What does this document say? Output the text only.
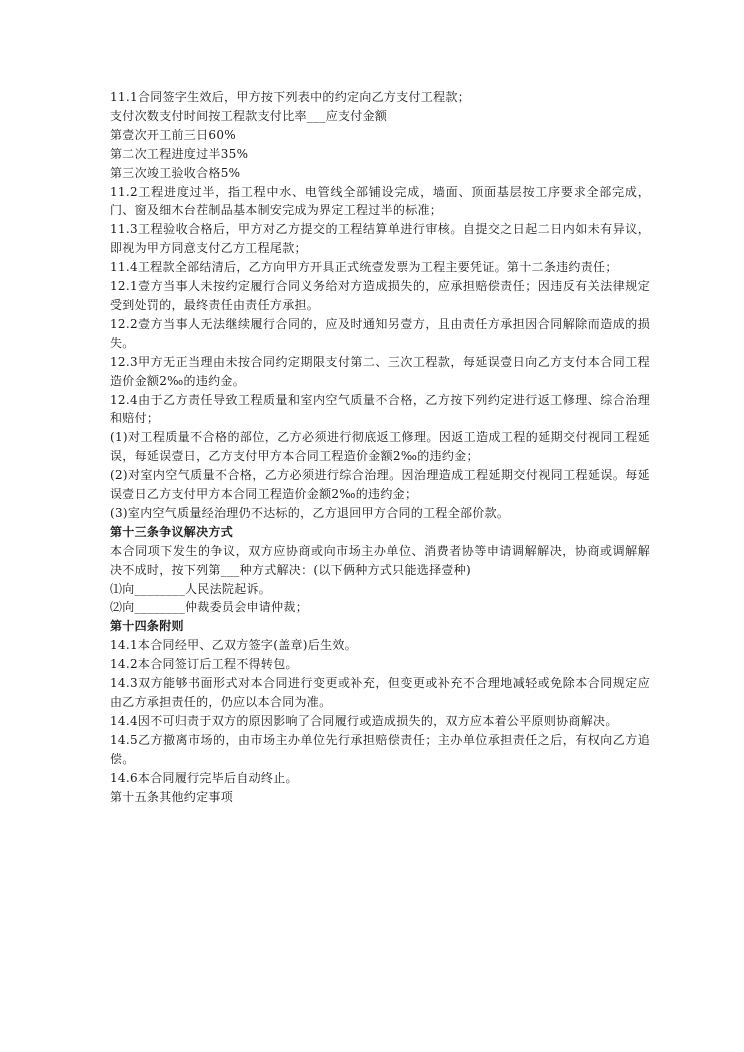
11.1合同签字生效后，甲方按下列表中的约定向乙方支付工程款；
支付次数支付时间按工程款支付比率___应支付金额
第壹次开工前三日60%
第二次工程进度过半35%
第三次竣工验收合格5%
11.2工程进度过半，指工程中水、电管线全部铺设完成，墙面、顶面基层按工序要求全部完成，门、窗及细木台茬制品基本制安完成为界定工程过半的标准；
11.3工程验收合格后，甲方对乙方提交的工程结算单进行审核。自提交之日起二日内如未有异议，即视为甲方同意支付乙方工程尾款；
11.4工程款全部结清后，乙方向甲方开具正式统壹发票为工程主要凭证。第十二条违约责任；
12.1壹方当事人未按约定履行合同义务给对方造成损失的，应承担赔偿责任；因违反有关法律规定受到处罚的，最终责任由责任方承担。
12.2壹方当事人无法继续履行合同的，应及时通知另壹方，且由责任方承担因合同解除而造成的损失。
12.3甲方无正当理由未按合同约定期限支付第二、三次工程款，每延误壹日向乙方支付本合同工程造价金额2‰的违约金。
12.4由于乙方责任导致工程质量和室内空气质量不合格，乙方按下列约定进行返工修理、综合治理和赔付；
(1)对工程质量不合格的部位，乙方必须进行彻底返工修理。因返工造成工程的延期交付视同工程延误，每延误壹日，乙方支付甲方本合同工程造价金额2‰的违约金；
(2)对室内空气质量不合格，乙方必须进行综合治理。因治理造成工程延期交付视同工程延误。每延误壹日乙方支付甲方本合同工程造价金额2‰的违约金；
(3)室内空气质量经治理仍不达标的，乙方退回甲方合同的工程全部价款。
第十三条争议解决方式
本合同项下发生的争议，双方应协商或向市场主办单位、消费者协等申请调解解决，协商或调解解决不成时，按下列第___种方式解决：(以下俩种方式只能选择壹种)
⑴向________人民法院起诉。
⑵向________仲裁委员会申请仲裁；
第十四条附则
14.1本合同经甲、乙双方签字(盖章)后生效。
14.2本合同签订后工程不得转包。
14.3双方能够书面形式对本合同进行变更或补充，但变更或补充不合理地减轻或免除本合同规定应由乙方承担责任的，仍应以本合同为准。
14.4因不可归责于双方的原因影响了合同履行或造成损失的，双方应本着公平原则协商解决。
14.5乙方撤离市场的，由市场主办单位先行承担赔偿责任；主办单位承担责任之后，有权向乙方追偿。
14.6本合同履行完毕后自动终止。
第十五条其他约定事项
